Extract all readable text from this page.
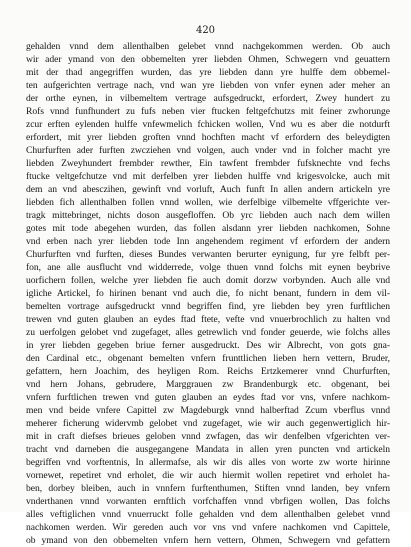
420
gehalden vnnd dem allenthalben gelebet vnnd nachgekommen werden. Ob auch
wir ader ymand von den obbemelten yrer liebden Ohmen, Schwegern vnd geuattern
mit der thad angegriffen wurden, das yre liebden dann yre hulffe dem obbemel-
ten aufgerichten vertrage nach, vnd wan yre liebden von vnfer eynen ader meher an
der orthe eynen, in vilbemeltem vertrage aufsgedruckt, erfordert, Zwey hundert zu
Rofs vnnd funfhundert zu fufs neben vier ftucken feltgefchutzs mit feiner zwhorunge
zcur erften eylenden hulffe vnfewmelich fchicken wollen, Vnd wu es aber die notdurft
erfordert, mit yrer liebden groften vnnd hochften macht vf erfordern des beleydigten
Churfurften ader furften zwcziehen vnd volgen, auch vnder vnd in folcher macht yre
liebden Zweyhundert frembder rewther, Ein tawfent frembder fufsknechte vnd fechs
ftucke veltgefchutze vnd mit derfelben yrer liebden hulffe vnd krigesvolcke, auch mit
dem an vnd abesczihen, gewinft vnd vorluft, Auch funft In allen andern artickeln yre
liebden fich allenthalben follen vnnd wollen, wie derfelbige vilbemelte vffgerichte ver-
tragk mittebringet, nichts doson ausgefloffen. Ob yrc liebden auch nach dem willen
gotes mit tode abegehen wurden, das follen alsdann yrer liebden nachkomen, Sohne
vnd erben nach yrer liebden tode Inn angehendem regiment vf erfordern der andern
Churfurften vnd furften, dieses Bundes verwanten berurter eynigung, fur yre felbft per-
fon, ane alle ausflucht vnd widderrede, volge thuen vnnd folchs mit eynen beybrive
uorfichern follen, welche yrer liebden fie auch domit dorzw vorbynden. Auch alle vnd
igliche Artickel, fo hirinen benant vnd auch die, fo nicht benant, fundern in dem vil-
bemelten vortrage aufsgedruckt vnnd begriffen find, yre liebden bey yren furftlichen
trewen vnd guten glauben an eydes ftad ftete, vefte vnd vnuerbrochlich zu halten vnd
zu uerfolgen gelobet vnd zugefaget, alles getrewlich vnd fonder geuerde, wie folchs alles
in yrer liebden gegeben briue ferner ausgedruckt. Des wir Albrecht, von gots gna-
den Cardinal etc., obgenant bemelten vnfern frunttlichen lieben hern vettern, Bruder,
gefattern, hern Joachim, des heyligen Rom. Reichs Ertzkemerer vnnd Churfurften,
vnd hern Johans, gebrudere, Marggrauen zw Brandenburgk etc. obgenant, bei
vnfern furftlichen trewen vnd guten glauben an eydes ftad vor vns, vnfere nachkom-
men vnd beide vnfere Capittel zw Magdeburgk vnnd halberftad Zcum vberflus vnnd
meherer ficherung widervmb gelobet vnd zugefaget, wie wir auch gegenwertiglich hir-
mit in craft diefses brieues geloben vnnd zwfagen, das wir denfelben vfgerichten ver-
tracht vnd darneben die ausgegangene Mandata in allen yren puncten vnd artickeln
begriffen vnd vorftentnis, In allermafse, als wir dis alles von worte zw worte hirinne
vornewet, repetiret vnd erholet, die wir auch hiermit wollen repetiret vnd erholet ha-
ben, dorbey bleiben, auch in vnnfern furftenthumen, Stiften vnnd landen, bey vnfern
vnderthanen vnnd vorwanten ernftlich vorfchaffen vnnd vbrfigen wollen, Das folchs
alles veftiglichen vnnd vnuerruckt folle gehalden vnd dem allenthalben gelebet vnnd
nachkomen werden. Wir gereden auch vor vns vnd vnfere nachkomen vnd Capittele,
ob ymand von den obbemelten vnfern hern vettern, Ohmen, Schwegern vnd gefattern
